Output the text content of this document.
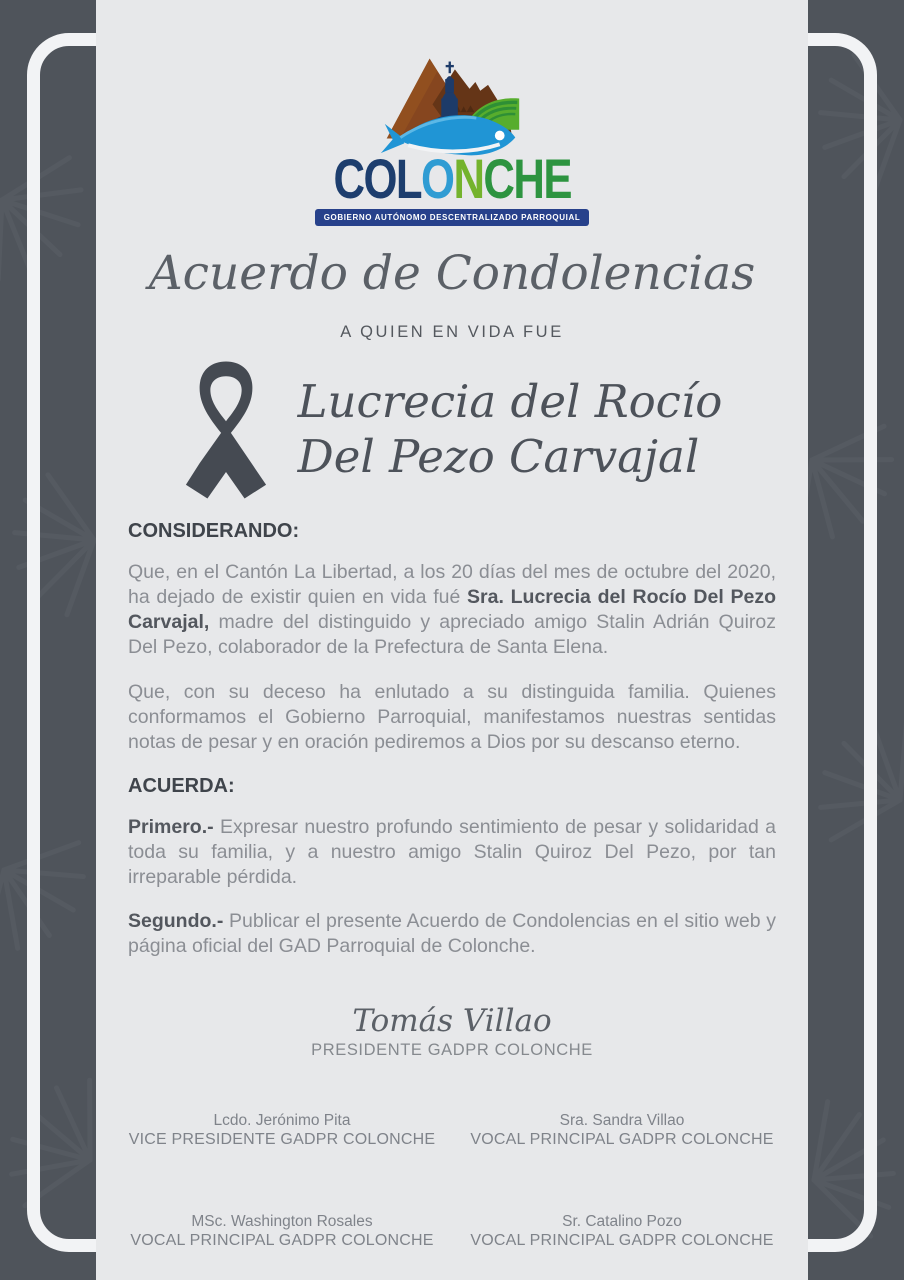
COLONCHE
GOBIERNO AUTÓNOMO DESCENTRALIZADO PARROQUIAL
Acuerdo de Condolencias
A QUIEN EN VIDA FUE
Lucrecia del Rocío
Del Pezo Carvajal
CONSIDERANDO:

Que, en el Cantón La Libertad, a los 20 días del mes de octubre del 2020, ha dejado de existir quien en vida fué Sra. Lucrecia del Rocío Del Pezo Carvajal, madre del distinguido y apreciado amigo Stalin Adrián Quiroz Del Pezo, colaborador de la Prefectura de Santa Elena.

Que, con su deceso ha enlutado a su distinguida familia. Quienes conformamos el Gobierno Parroquial, manifestamos nuestras sentidas notas de pesar y en oración pediremos a Dios por su descanso eterno.

ACUERDA:

Primero.- Expresar nuestro profundo sentimiento de pesar y solidaridad a toda su familia, y a nuestro amigo Stalin Quiroz Del Pezo, por tan irreparable pérdida.

Segundo.- Publicar el presente Acuerdo de Condolencias en el sitio web y página oficial del GAD Parroquial de Colonche.

Tomás Villao
PRESIDENTE GADPR COLONCHE
Lcdo. Jerónimo Pita
VICE PRESIDENTE GADPR COLONCHE
Sra. Sandra Villao
VOCAL PRINCIPAL GADPR COLONCHE
MSc. Washington Rosales
VOCAL PRINCIPAL GADPR COLONCHE
Sr. Catalino Pozo
VOCAL PRINCIPAL GADPR COLONCHE
